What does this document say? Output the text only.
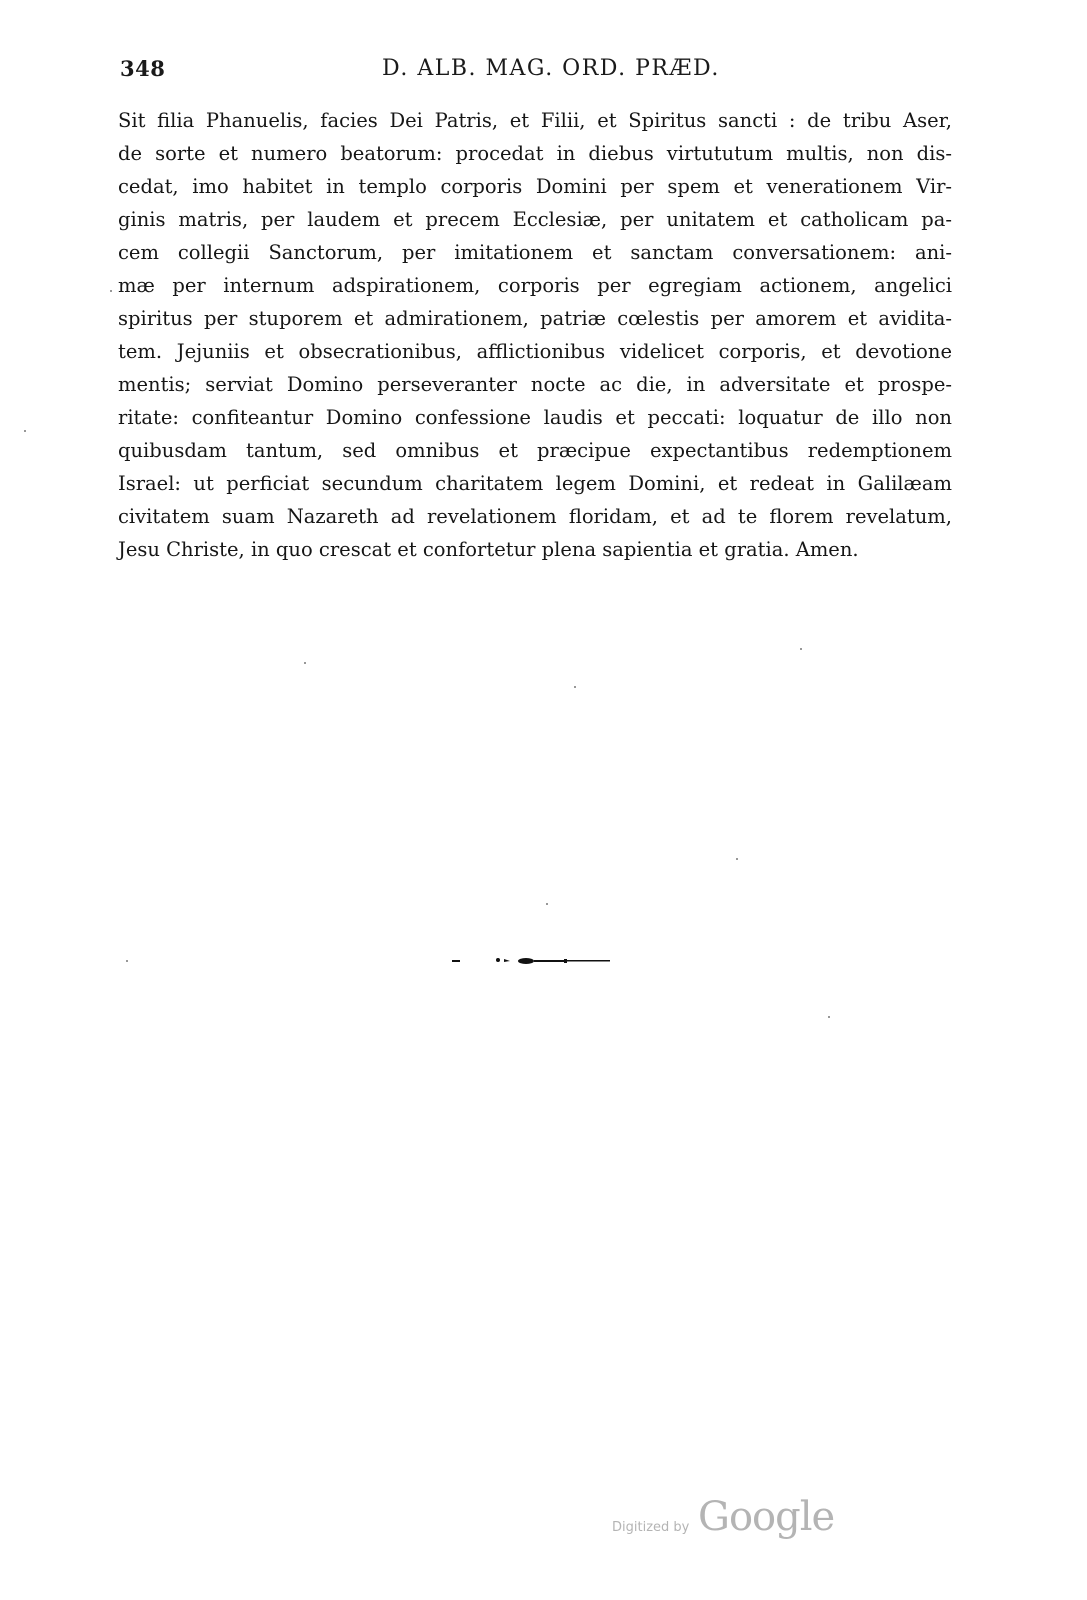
348	D. ALB. MAG. ORD. PRÆD.
Sit filia Phanuelis, facies Dei Patris, et Filii, et Spiritus sancti : de tribu Aser,
de sorte et numero beatorum: procedat in diebus virtututum multis, non dis-
cedat, imo habitet in templo corporis Domini per spem et venerationem Vir-
ginis matris, per laudem et precem Ecclesiæ, per unitatem et catholicam pa-
cem collegii Sanctorum, per imitationem et sanctam conversationem: ani-
mæ per internum adspirationem, corporis per egregiam actionem, angelici
spiritus per stuporem et admirationem, patriæ cœlestis per amorem et avidita-
tem. Jejuniis et obsecrationibus, afflictionibus videlicet corporis, et devotione
mentis; serviat Domino perseveranter nocte ac die, in adversitate et prospe-
ritate: confiteantur Domino confessione laudis et peccati: loquatur de illo non
quibusdam tantum, sed omnibus et præcipue expectantibus redemptionem
Israel: ut perficiat secundum charitatem legem Domini, et redeat in Galilæam
civitatem suam Nazareth ad revelationem floridam, et ad te florem revelatum,
Jesu Christe, in quo crescat et confortetur plena sapientia et gratia. Amen.
Digitized by Google
